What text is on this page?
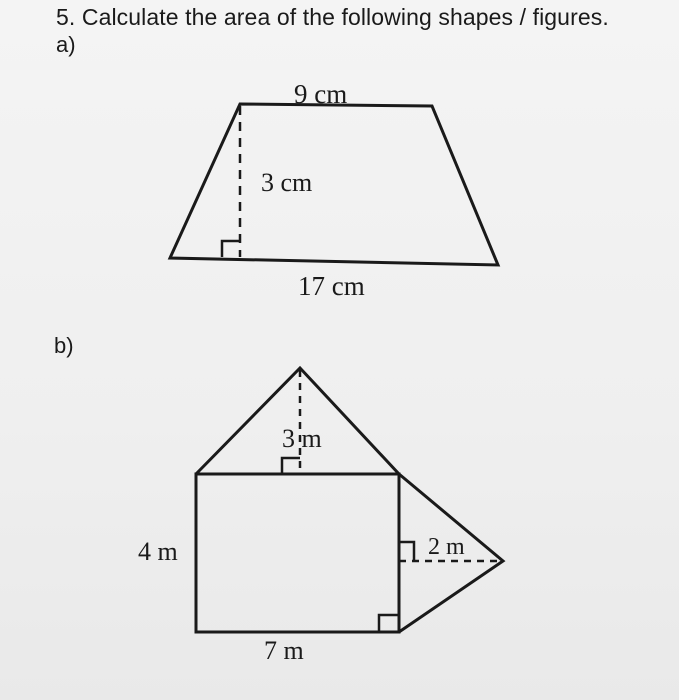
5. Calculate the area of the following shapes / figures.
a)
b)
9 cm
3 cm
17 cm
3 m
4 m
7 m
2 m
